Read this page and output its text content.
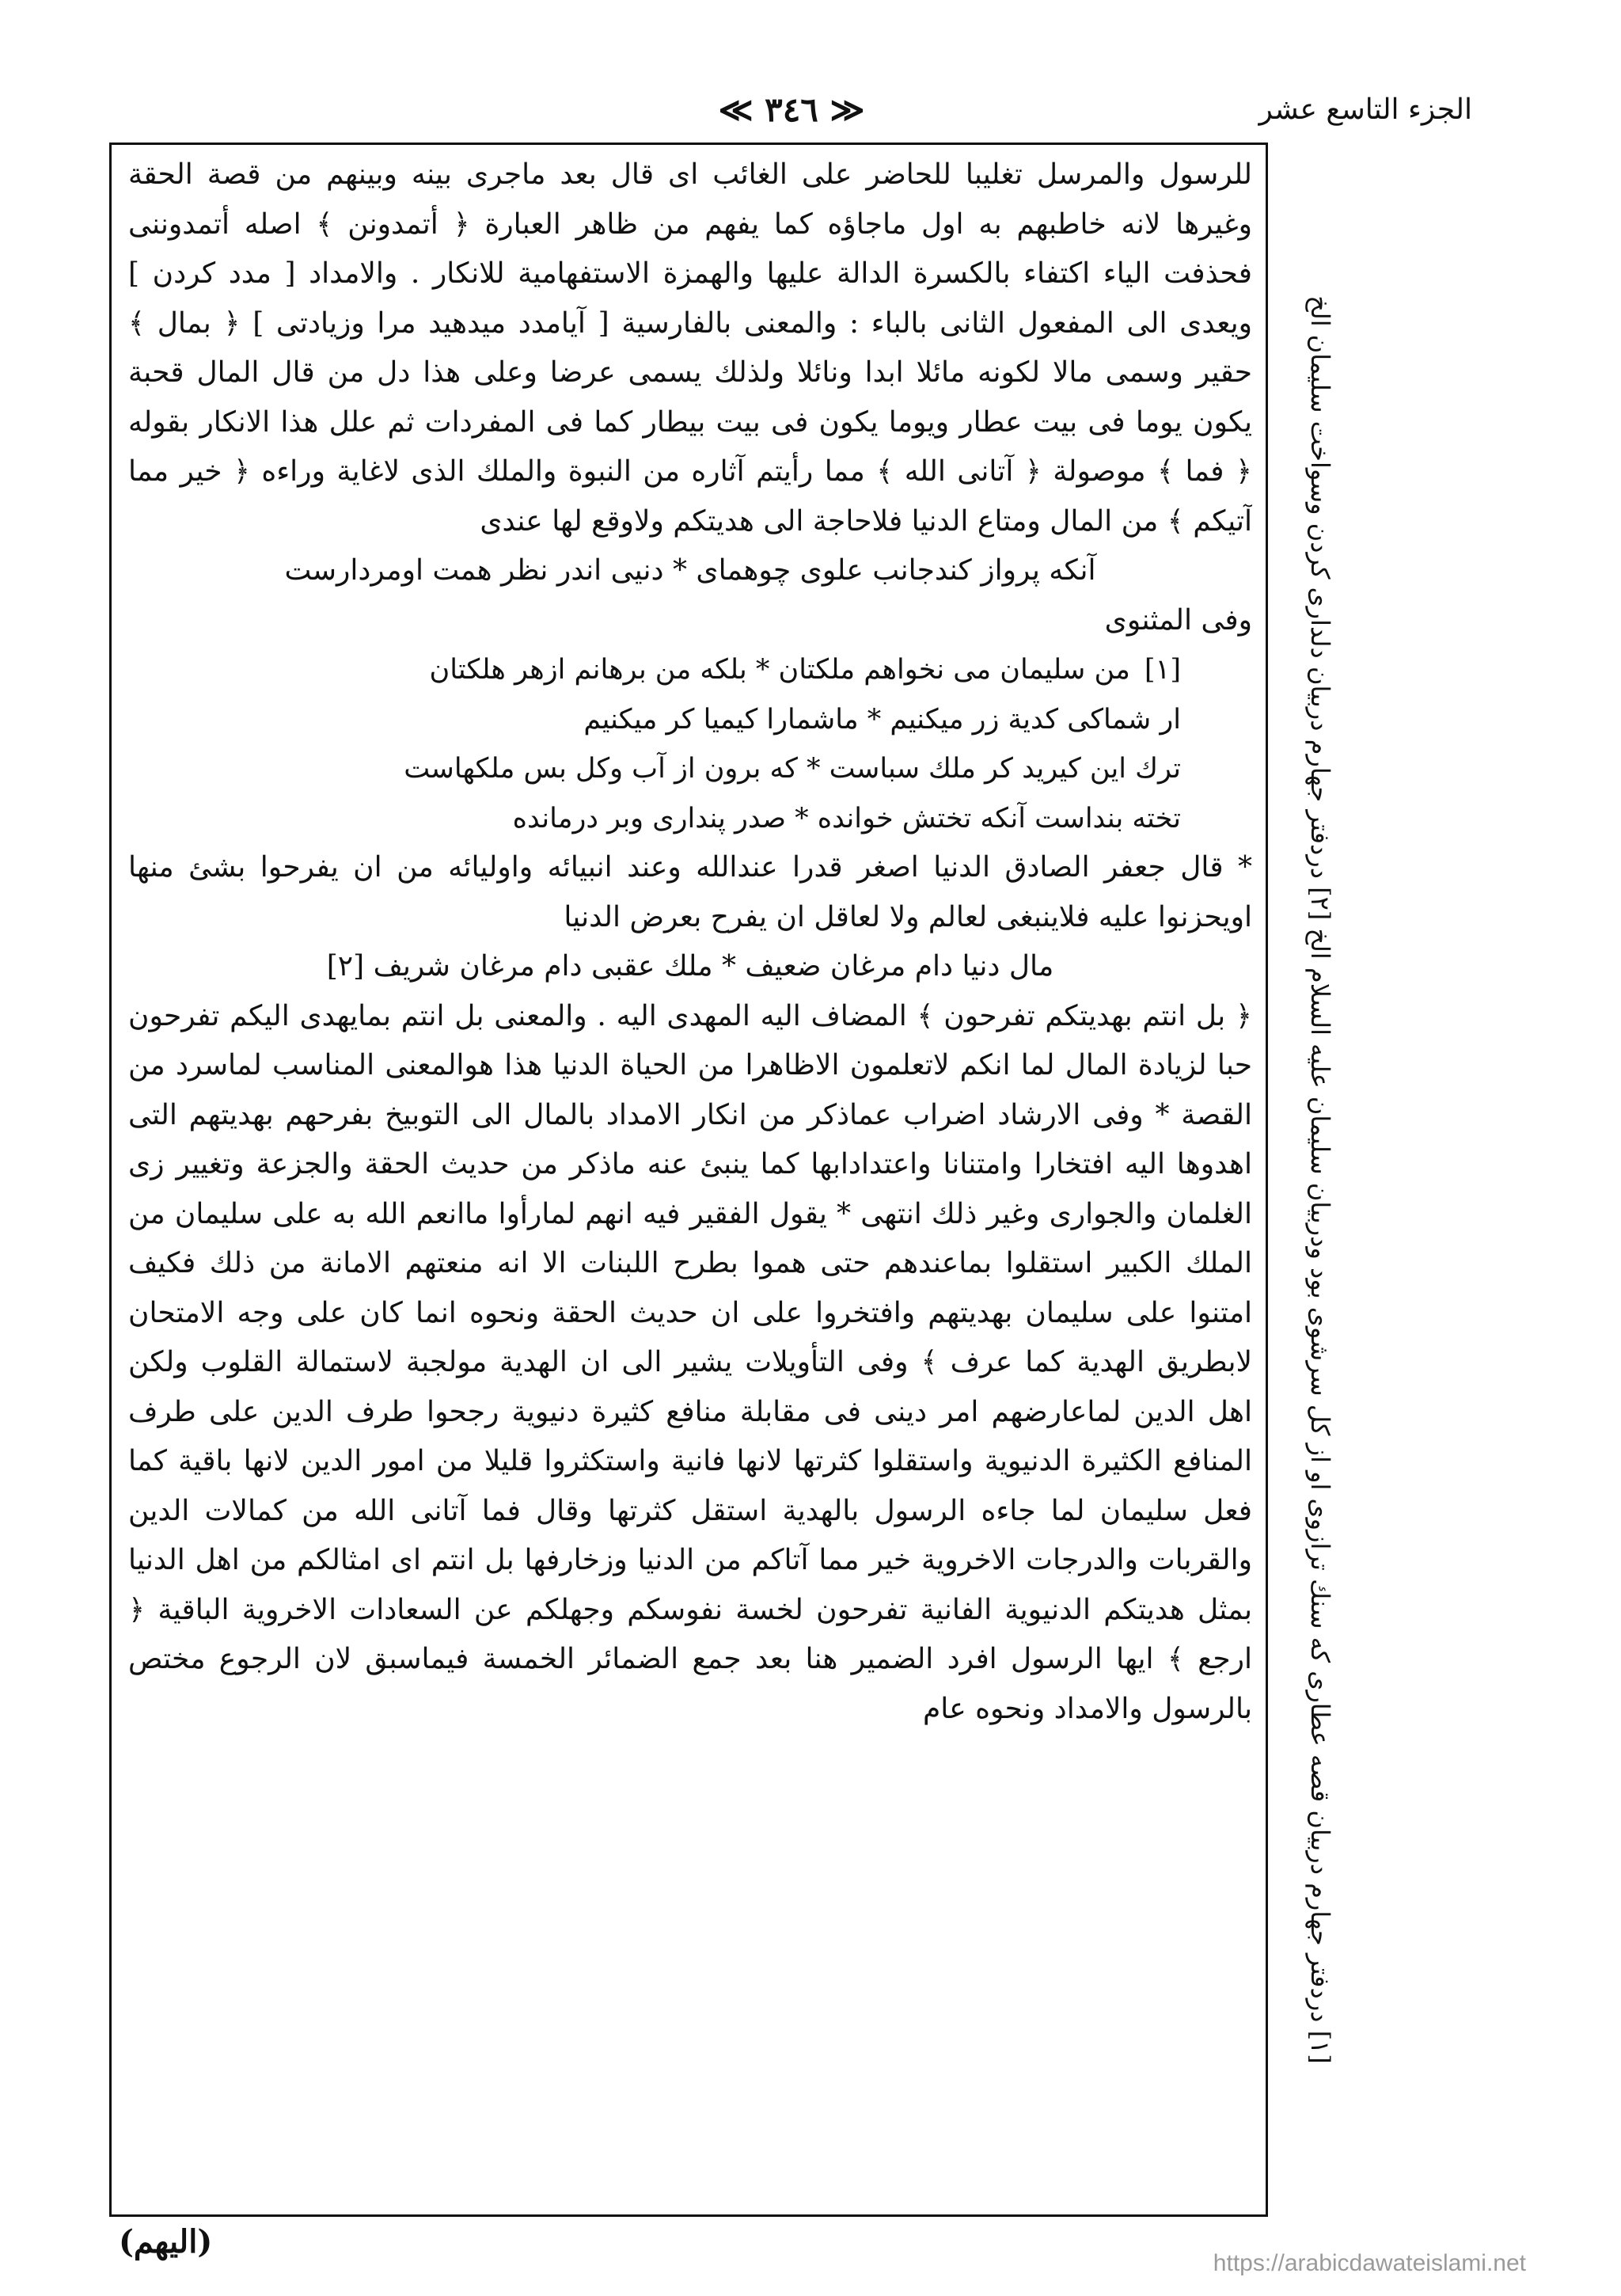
الجزء التاسع عشر
≪ ٣٤٦ ≫

للرسول والمرسل تغليبا للحاضر على الغائب اى قال بعد ماجرى بينه وبينهم من قصة الحقة وغيرها لانه خاطبهم به اول ماجاؤه كما يفهم من ظاهر العبارة ﴿ أتمدونن ﴾ اصله أتمدوننى فحذفت الياء اكتفاء بالكسرة الدالة عليها والهمزة الاستفهامية للانكار . والامداد [ مدد كردن ] ويعدى الى المفعول الثانى بالباء : والمعنى بالفارسية [ آيامدد ميدهيد مرا وزيادتى ] ﴿ بمال ﴾ حقير وسمى مالا لكونه مائلا ابدا ونائلا ولذلك يسمى عرضا وعلى هذا دل من قال المال قحبة يكون يوما فى بيت عطار ويوما يكون فى بيت بيطار كما فى المفردات ثم علل هذا الانكار بقوله ﴿ فما ﴾ موصولة ﴿ آتانى الله ﴾ مما رأيتم آثاره من النبوة والملك الذى لاغاية وراءه ﴿ خير مما آتيكم ﴾ من المال ومتاع الدنيا فلاحاجة الى هديتكم ولاوقع لها عندى

آنكه پرواز كندجانب علوى چوهماى * دنيى اندر نظر همت اوم‍ردارست

وفى المثنوى

[١]من سليمان مى نخواهم ملكتان * بلكه من برهانم ازهر هلكتان

ار شماكى كدية زر ميكنيم * ماشمارا كيميا كر ميكنيم

ترك اين كيريد كر ملك سباست * كه برون از آب وكل بس ملكهاست

تخته بنداست آنكه تختش خوانده * صدر پندارى وبر درمانده

* قال جعفر الصادق الدنيا اصغر قدرا عندالله وعند انبيائه واوليائه من ان يفرحوا بشئ منها اويحزنوا عليه فلاينبغى لعالم ولا لعاقل ان يفرح بعرض الدنيا

مال دنيا دام مرغان ضعيف * ملك عقبى دام مرغان شريف [٢]

﴿ بل انتم بهديتكم تفرحون ﴾ المضاف اليه المهدى اليه . والمعنى بل انتم بمايهدى اليكم تفرحون حبا لزيادة المال لما انكم لاتعلمون الاظاهرا من الحياة الدنيا هذا هوالمعنى المناسب لماسرد من القصة * وفى الارشاد اضراب عماذكر من انكار الامداد بالمال الى التوبيخ بفرحهم بهديتهم التى اهدوها اليه افتخارا وامتنانا واعتدادابها كما ينبئ عنه ماذكر من حديث الحقة والجزعة وتغيير زى الغلمان والجوارى وغير ذلك انتهى * يقول الفقير فيه انهم لمارأوا ماانعم الله به على سليمان من الملك الكبير استقلوا بماعندهم حتى هموا بطرح اللبنات الا انه منعتهم الامانة من ذلك فكيف امتنوا على سليمان بهديتهم وافتخروا على ان حديث الحقة ونحوه انما كان على وجه الامتحان لابطريق الهدية كما عرف ﴾ وفى التأويلات يشير الى ان الهدية مولجبة لاستمالة القلوب ولكن اهل الدين لماعارضهم امر دينى فى مقابلة منافع كثيرة دنيوية رجحوا طرف الدين على طرف المنافع الكثيرة الدنيوية واستقلوا كثرتها لانها فانية واستكثروا قليلا من امور الدين لانها باقية كما فعل سليمان لما جاءه الرسول بالهدية استقل كثرتها وقال فما آتانى الله من كمالات الدين والقربات والدرجات الاخروية خير مما آتاكم من الدنيا وزخارفها بل انتم اى امثالكم من اهل الدنيا بمثل هديتكم الدنيوية الفانية تفرحون لخسة نفوسكم وجهلكم عن السعادات الاخروية الباقية ﴿ ارجع ﴾ ايها الرسول افرد الضمير هنا بعد جمع الضمائر الخمسة فيماسبق لان الرجوع مختص بالرسول والامداد ونحوه عام

[١] دردفتر جهارم دربيان قصه عطارى كه سنك ترازوى او از كل سرشوى بود ودربيان سليمان عليه السلام الخ [٢] دردفتر جهارم دربيان دلدارى كردن وسواخت سليمان الخ
(اليهم)
https://arabicdawateislami.net
